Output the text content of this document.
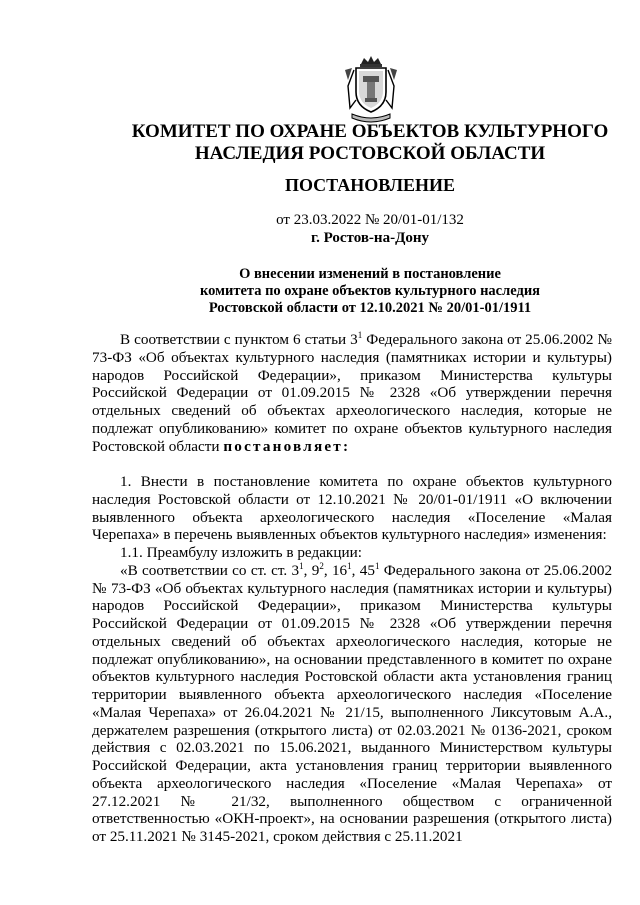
КОМИТЕТ ПО ОХРАНЕ ОБЪЕКТОВ КУЛЬТУРНОГО
НАСЛЕДИЯ РОСТОВСКОЙ ОБЛАСТИ
ПОСТАНОВЛЕНИЕ
от 23.03.2022 № 20/01-01/132
г. Ростов-на-Дону
О внесении изменений в постановление
комитета по охране объектов культурного наследия
Ростовской области от 12.10.2021 № 20/01-01/1911

В соответствии с пунктом 6 статьи $3^1$ Федерального закона от 25.06.2002 № 73-ФЗ «Об объектах культурного наследия (памятниках истории и культуры) народов Российской Федерации», приказом Министерства культуры Российской Федерации от 01.09.2015 № 2328 «Об утверждении перечня отдельных сведений об объектах археологического наследия, которые не подлежат опубликованию» комитет по охране объектов культурного наследия Ростовской области постановляет:

1. Внести в постановление комитета по охране объектов культурного наследия Ростовской области от 12.10.2021 № 20/01-01/1911 «О включении выявленного объекта археологического наследия «Поселение «Малая Черепаха» в перечень выявленных объектов культурного наследия» изменения:

1.1. Преамбулу изложить в редакции:

«В соответствии со ст. ст. $3^1$, $9^2$, $16^1$, $45^1$ Федерального закона от 25.06.2002 № 73-ФЗ «Об объектах культурного наследия (памятниках истории и культуры) народов Российской Федерации», приказом Министерства культуры Российской Федерации от 01.09.2015 № 2328 «Об утверждении перечня отдельных сведений об объектах археологического наследия, которые не подлежат опубликованию», на основании представленного в комитет по охране объектов культурного наследия Ростовской области акта установления границ территории выявленного объекта археологического наследия «Поселение «Малая Черепаха» от 26.04.2021 № 21/15, выполненного Ликсутовым А.А., держателем разрешения (открытого листа) от 02.03.2021 № 0136-2021, сроком действия с 02.03.2021 по 15.06.2021, выданного Министерством культуры Российской Федерации, акта установления границ территории выявленного объекта археологического наследия «Поселение «Малая Черепаха» от 27.12.2021 № 21/32, выполненного обществом с ограниченной ответственностью «ОКН-проект», на основании разрешения (открытого листа) от 25.11.2021 № 3145-2021, сроком действия с 25.11.2021
